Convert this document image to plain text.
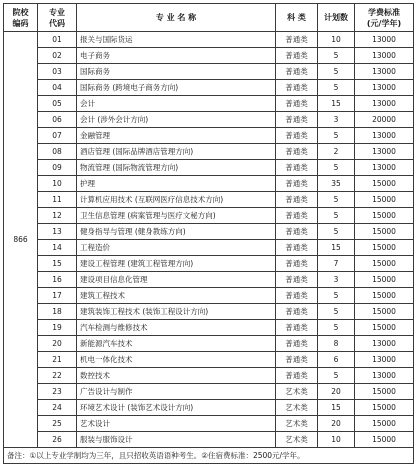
院校
编码	专业
代码	专 业 名 称	科 类	计划数	学费标准
(元/学年)

866	01	报关与国际货运	普通类	10	13000
	02	电子商务	普通类	5	13000
	03	国际商务	普通类	5	13000
	04	国际商务 (跨境电子商务方向)	普通类	5	13000
	05	会计	普通类	15	13000
	06	会计 (涉外会计方向)	普通类	3	20000
	07	金融管理	普通类	5	13000
	08	酒店管理 (国际品牌酒店管理方向)	普通类	2	13000
	09	物流管理 (国际物流管理方向)	普通类	5	13000
	10	护理	普通类	35	15000
	11	计算机应用技术 (互联网医疗信息技术方向)	普通类	5	15000
	12	卫生信息管理 (病案管理与医疗文秘方向)	普通类	5	15000
	13	健身指导与管理 (健身教练方向)	普通类	5	15000
	14	工程造价	普通类	15	15000
	15	建设工程管理 (建筑工程管理方向)	普通类	7	15000
	16	建设项目信息化管理	普通类	3	15000
	17	建筑工程技术	普通类	5	15000
	18	建筑装饰工程技术 (装饰工程设计方向)	普通类	5	15000
	19	汽车检测与维修技术	普通类	5	15000
	20	新能源汽车技术	普通类	8	13000
	21	机电一体化技术	普通类	6	13000
	22	数控技术	普通类	5	13000
	23	广告设计与制作	艺术类	20	15000
	24	环境艺术设计 (装饰艺术设计方向)	艺术类	15	15000
	25	艺术设计	艺术类	20	15000
	26	服装与服饰设计	艺术类	10	15000
备注：①以上专业学制均为三年，且只招收英语语种考生。②住宿费标准：2500元/学年。					
